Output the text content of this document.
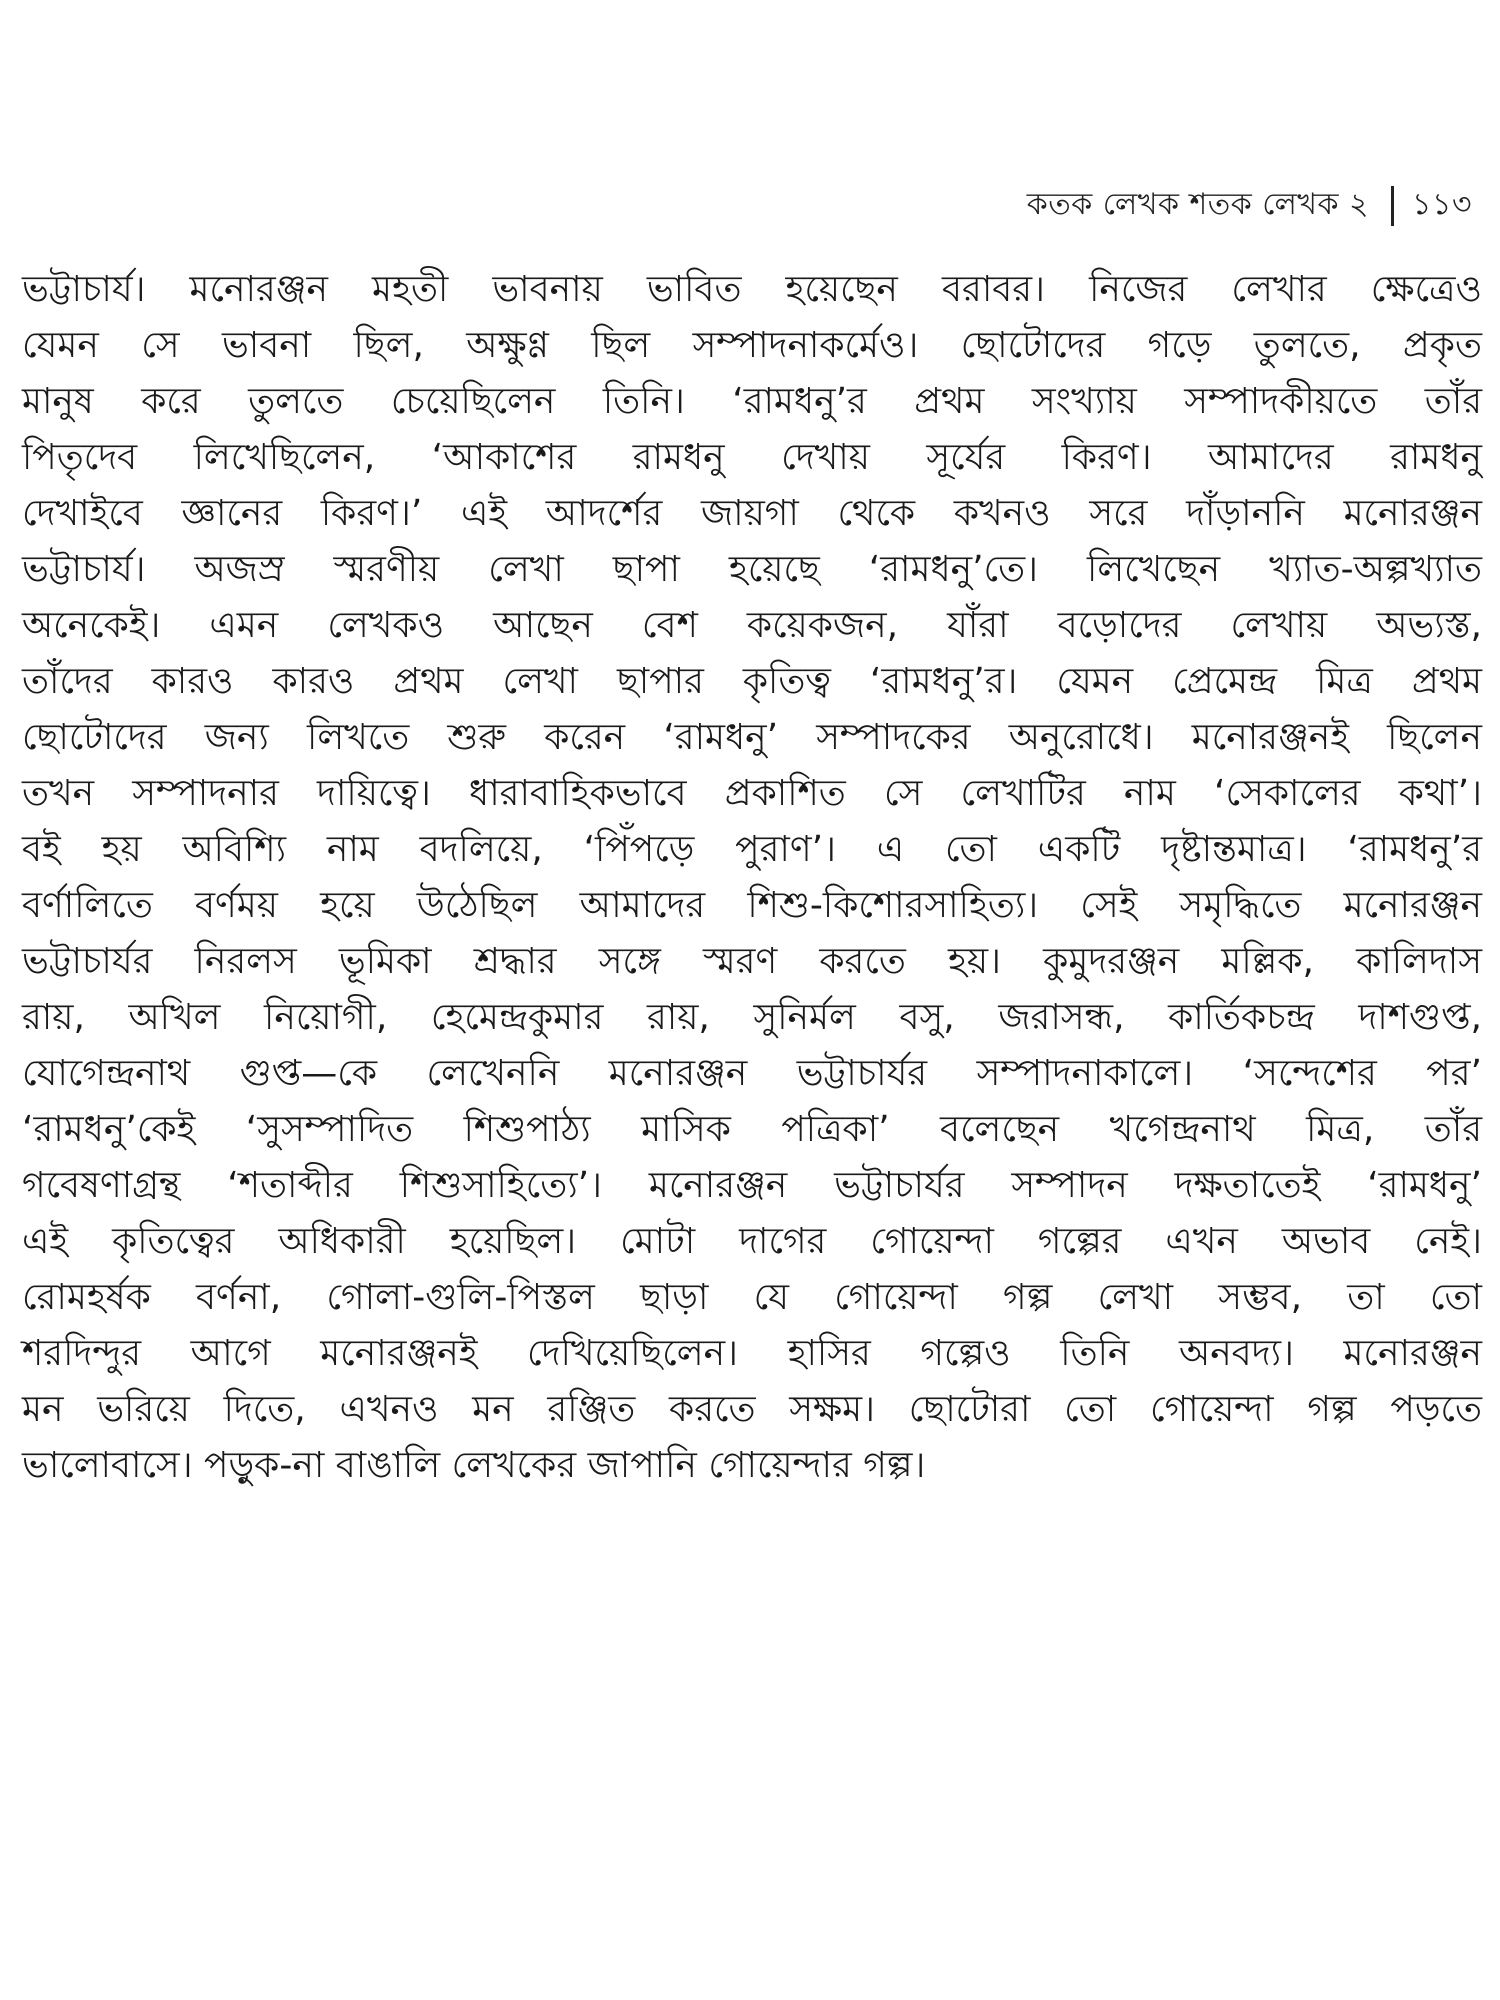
কতক লেখক শতক লেখক ২ ১১৩
ভট্টাচার্য। মনোরঞ্জন মহতী ভাবনায় ভাবিত হয়েছেন বরাবর। নিজের লেখার ক্ষেত্রেও
যেমন সে ভাবনা ছিল, অক্ষুণ্ণ ছিল সম্পাদনাকর্মেও। ছোটোদের গড়ে তুলতে, প্রকৃত
মানুষ করে তুলতে চেয়েছিলেন তিনি। ‘রামধনু’র প্রথম সংখ্যায় সম্পাদকীয়তে তাঁর
পিতৃদেব লিখেছিলেন, ‘আকাশের রামধনু দেখায় সূর্যের কিরণ। আমাদের রামধনু
দেখাইবে জ্ঞানের কিরণ।’ এই আদর্শের জায়গা থেকে কখনও সরে দাঁড়াননি মনোরঞ্জন
ভট্টাচার্য। অজস্র স্মরণীয় লেখা ছাপা হয়েছে ‘রামধনু’তে। লিখেছেন খ্যাত-অল্পখ্যাত
অনেকেই। এমন লেখকও আছেন বেশ কয়েকজন, যাঁরা বড়োদের লেখায় অভ্যস্ত,
তাঁদের কারও কারও প্রথম লেখা ছাপার কৃতিত্ব ‘রামধনু’র। যেমন প্রেমেন্দ্র মিত্র প্রথম
ছোটোদের জন্য লিখতে শুরু করেন ‘রামধনু’ সম্পাদকের অনুরোধে। মনোরঞ্জনই ছিলেন
তখন সম্পাদনার দায়িত্বে। ধারাবাহিকভাবে প্রকাশিত সে লেখাটির নাম ‘সেকালের কথা’।
বই হয় অবিশ্যি নাম বদলিয়ে, ‘পিঁপড়ে পুরাণ’। এ তো একটি দৃষ্টান্তমাত্র। ‘রামধনু’র
বর্ণালিতে বর্ণময় হয়ে উঠেছিল আমাদের শিশু-কিশোরসাহিত্য। সেই সমৃদ্ধিতে মনোরঞ্জন
ভট্টাচার্যর নিরলস ভূমিকা শ্রদ্ধার সঙ্গে স্মরণ করতে হয়। কুমুদরঞ্জন মল্লিক, কালিদাস
রায়, অখিল নিয়োগী, হেমেন্দ্রকুমার রায়, সুনির্মল বসু, জরাসন্ধ, কার্তিকচন্দ্র দাশগুপ্ত,
যোগেন্দ্রনাথ গুপ্ত—কে লেখেননি মনোরঞ্জন ভট্টাচার্যর সম্পাদনাকালে। ‘সন্দেশের পর’
‘রামধনু’কেই ‘সুসম্পাদিত শিশুপাঠ্য মাসিক পত্রিকা’ বলেছেন খগেন্দ্রনাথ মিত্র, তাঁর
গবেষণাগ্রন্থ ‘শতাব্দীর শিশুসাহিত্যে’। মনোরঞ্জন ভট্টাচার্যর সম্পাদন দক্ষতাতেই ‘রামধনু’
এই কৃতিত্বের অধিকারী হয়েছিল। মোটা দাগের গোয়েন্দা গল্পের এখন অভাব নেই।
রোমহর্ষক বর্ণনা, গোলা-গুলি-পিস্তল ছাড়া যে গোয়েন্দা গল্প লেখা সম্ভব, তা তো
শরদিন্দুর আগে মনোরঞ্জনই দেখিয়েছিলেন। হাসির গল্পেও তিনি অনবদ্য। মনোরঞ্জন
মন ভরিয়ে দিতে, এখনও মন রঞ্জিত করতে সক্ষম। ছোটোরা তো গোয়েন্দা গল্প পড়তে
ভালোবাসে। পড়ুক-না বাঙালি লেখকের জাপানি গোয়েন্দার গল্প।
